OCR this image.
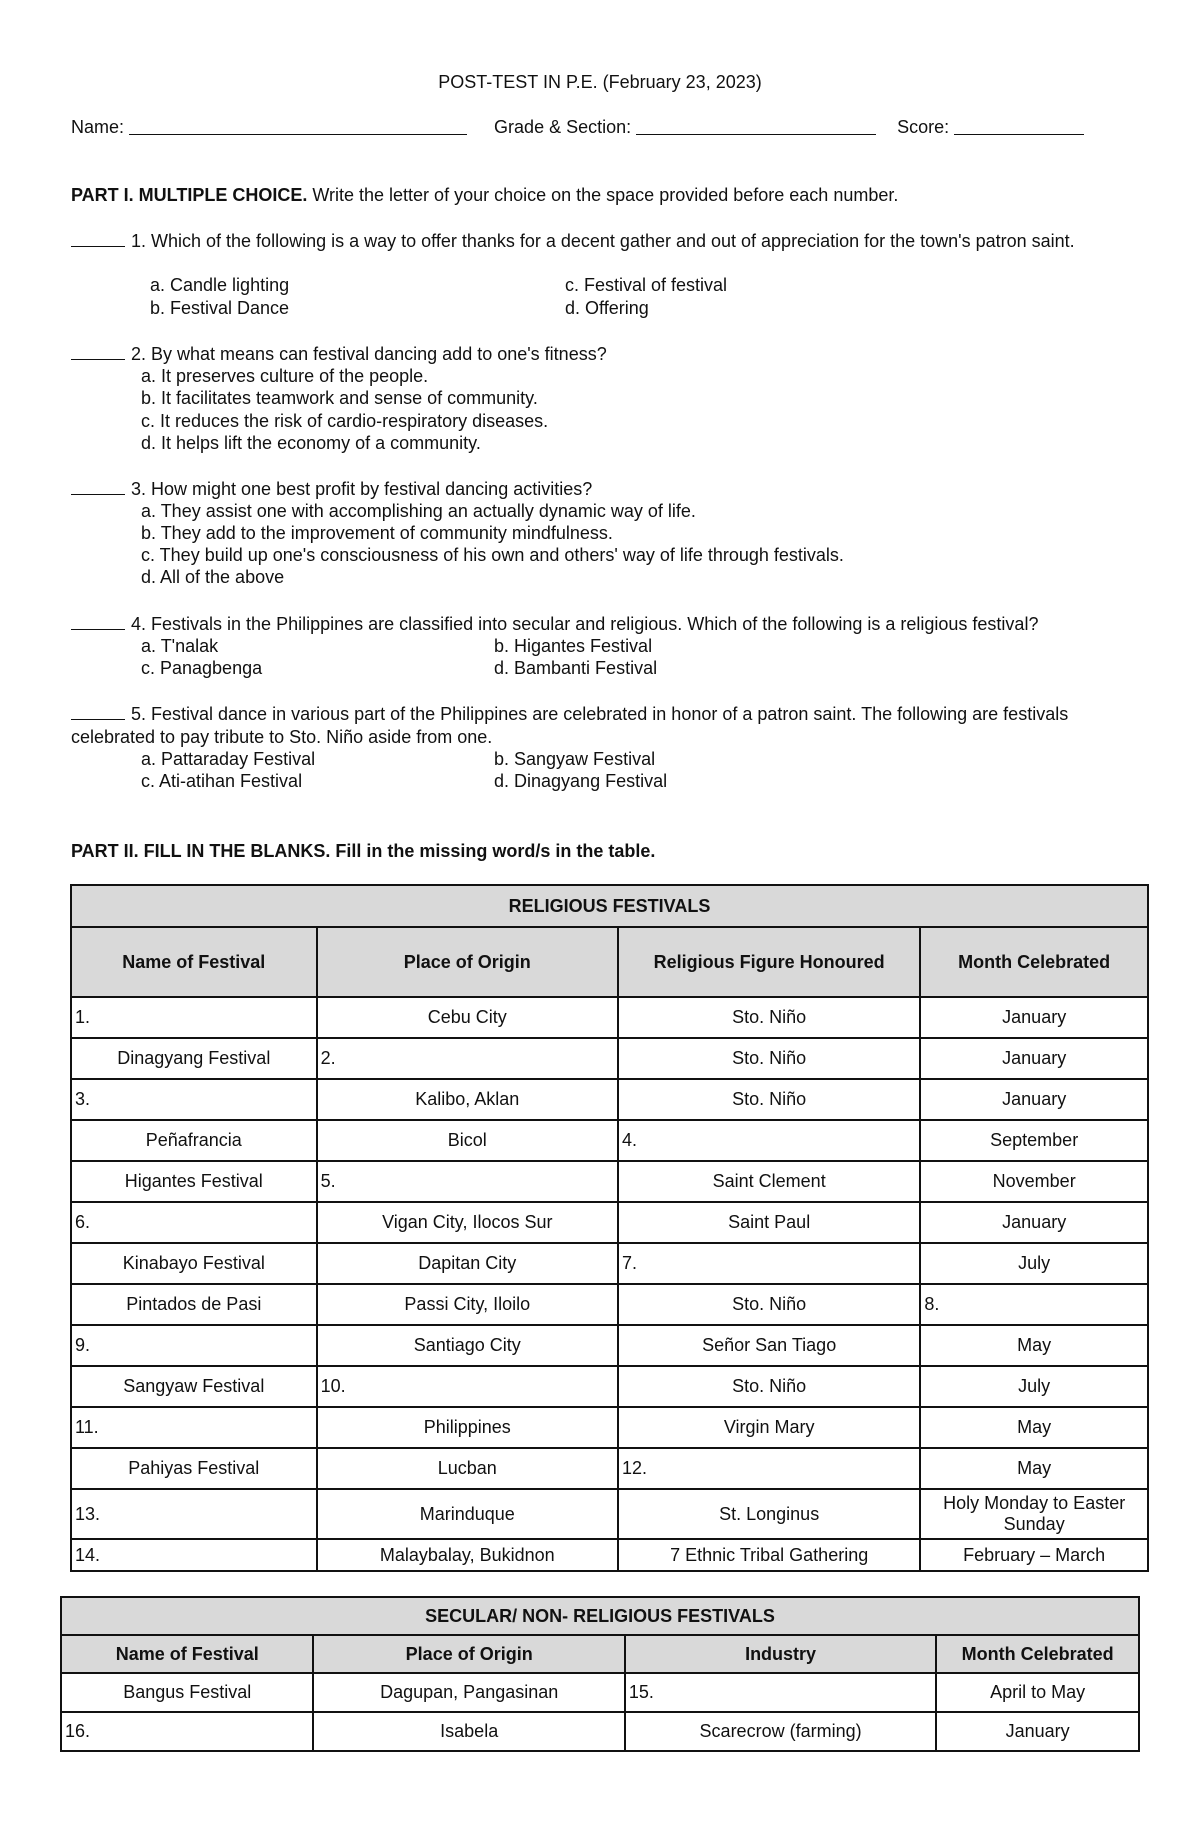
POST-TEST IN P.E. (February 23, 2023)
Name:	Grade & Section:	Score:
PART I. MULTIPLE CHOICE. Write the letter of your choice on the space provided before each number.
1. Which of the following is a way to offer thanks for a decent gather and out of appreciation for the town's patron saint.
a. Candle lighting
b. Festival Dance
c. Festival of festival
d. Offering
2. By what means can festival dancing add to one's fitness?
a. It preserves culture of the people.
b. It facilitates teamwork and sense of community.
c. It reduces the risk of cardio-respiratory diseases.
d. It helps lift the economy of a community.
3. How might one best profit by festival dancing activities?
a. They assist one with accomplishing an actually dynamic way of life.
b. They add to the improvement of community mindfulness.
c. They build up one's consciousness of his own and others' way of life through festivals.
d. All of the above
4. Festivals in the Philippines are classified into secular and religious. Which of the following is a religious festival?
a. T'nalak
c. Panagbenga
b. Higantes Festival
d. Bambanti Festival
5. Festival dance in various part of the Philippines are celebrated in honor of a patron saint. The following are festivals celebrated to pay tribute to Sto. Niño aside from one.
a. Pattaraday Festival
c. Ati-atihan Festival
b. Sangyaw Festival
d. Dinagyang Festival
PART II. FILL IN THE BLANKS. Fill in the missing word/s in the table.
RELIGIOUS FESTIVALS			
Name of Festival	Place of Origin	Religious Figure Honoured	Month Celebrated
1.	Cebu City	Sto. Niño	January
Dinagyang Festival	2.	Sto. Niño	January
3.	Kalibo, Aklan	Sto. Niño	January
Peñafrancia	Bicol	4.	September
Higantes Festival	5.	Saint Clement	November
6.	Vigan City, Ilocos Sur	Saint Paul	January
Kinabayo Festival	Dapitan City	7.	July
Pintados de Pasi	Passi City, Iloilo	Sto. Niño	8.
9.	Santiago City	Señor San Tiago	May
Sangyaw Festival	10.	Sto. Niño	July
11.	Philippines	Virgin Mary	May
Pahiyas Festival	Lucban	12.	May
13.	Marinduque	St. Longinus	Holy Monday to Easter Sunday
14.	Malaybalay, Bukidnon	7 Ethnic Tribal Gathering	February – March
SECULAR/ NON- RELIGIOUS FESTIVALS			
Name of Festival	Place of Origin	Industry	Month Celebrated
Bangus Festival	Dagupan, Pangasinan	15.	April to May
16.	Isabela	Scarecrow (farming)	January
